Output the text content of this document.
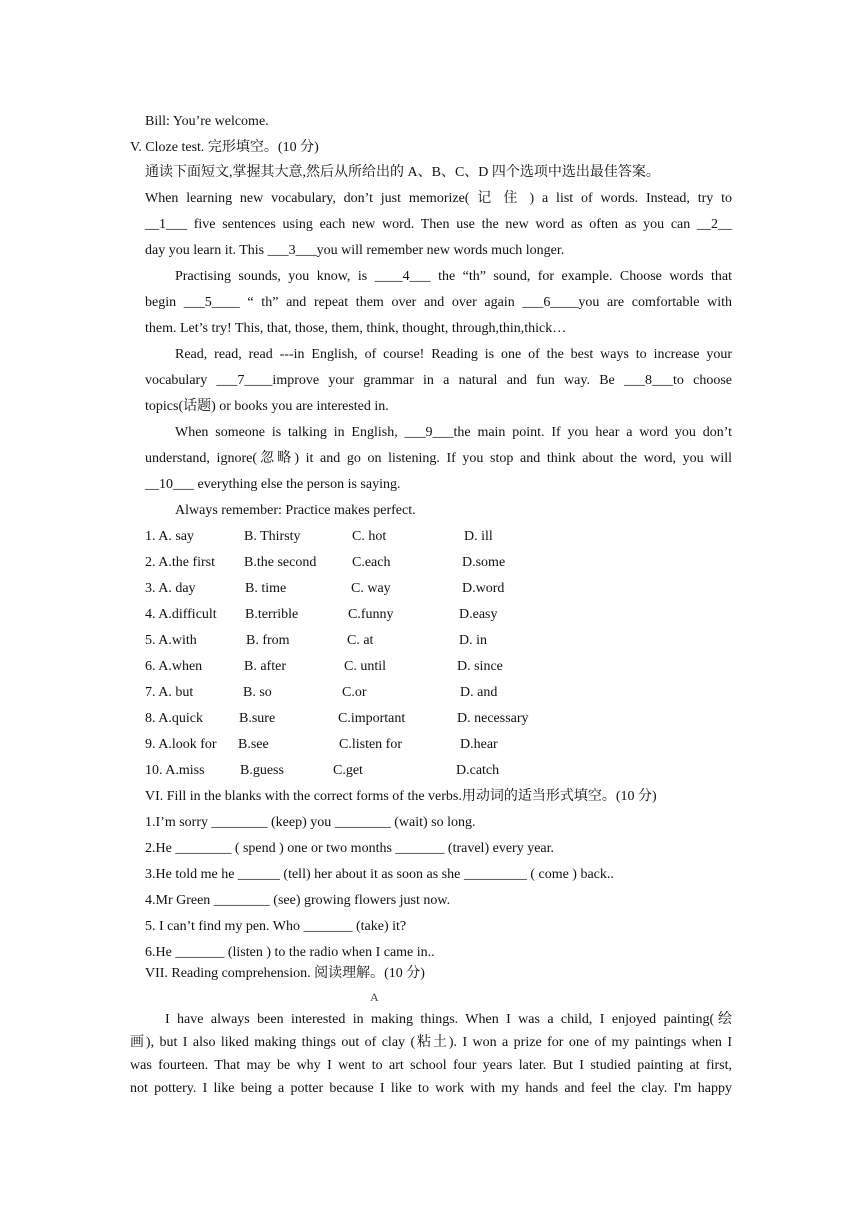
Bill: You’re welcome.
V. Cloze test. 完形填空。(10 分)
通读下面短文,掌握其大意,然后从所给出的 A、B、C、D 四个选项中选出最佳答案。
When learning new vocabulary, don’t just memorize( 记 住 ) a list of words. Instead, try to
__1___ five sentences using each new word. Then use the new word as often as you can __2__
day you learn it. This ___3___you will remember new words much longer.
Practising sounds, you know, is ____4___ the “th” sound, for example. Choose words that
begin ___5____ “ th” and repeat them over and over again ___6____you are comfortable with
them. Let’s try! This, that, those, them, think, thought, through,thin,thick…
Read, read, read ---in English, of course! Reading is one of the best ways to increase your
vocabulary ___7____improve your grammar in a natural and fun way. Be ___8___to choose
topics(话题) or books you are interested in.
When someone is talking in English, ___9___the main point. If you hear a word you don’t
understand, ignore(忽略) it and go on listening. If you stop and think about the word, you will
__10___ everything else the person is saying.
Always remember: Practice makes perfect.
1. A. say	B. Thirsty	C. hot	D. ill
2. A.the first B.the second	C.each	D.some
3. A. day	B. time	C. way	D.word
4. A.difficult B.terrible	C.funny	D.easy
5. A.with	B. from	C. at	D. in
6. A.when	B. after	C. until	D. since
7. A. but	B. so	C.or	D. and
8. A.quick	B.sure	C.important	D. necessary
9. A.look for B.see	C.listen for	D.hear
10. A.miss	B.guess	C.get	D.catch
VI. Fill in the blanks with the correct forms of the verbs.用动词的适当形式填空。(10 分)
1.I’m sorry ________ (keep) you ________ (wait) so long.
2.He ________ ( spend ) one or two months _______ (travel) every year.
3.He told me he ______ (tell) her about it as soon as she _________ ( come ) back..
4.Mr Green ________ (see) growing flowers just now.
5. I can’t find my pen. Who _______ (take) it?
6.He _______ (listen ) to the radio when I came in..
VII. Reading comprehension. 阅读理解。(10 分)
A
I have always been interested in making things. When I was a child, I enjoyed painting(绘
画), but I also liked making things out of clay (粘土). I won a prize for one of my paintings when I
was fourteen. That may be why I went to art school four years later. But I studied painting at first,
not pottery. I like being a potter because I like to work with my hands and feel the clay. I'm happy
